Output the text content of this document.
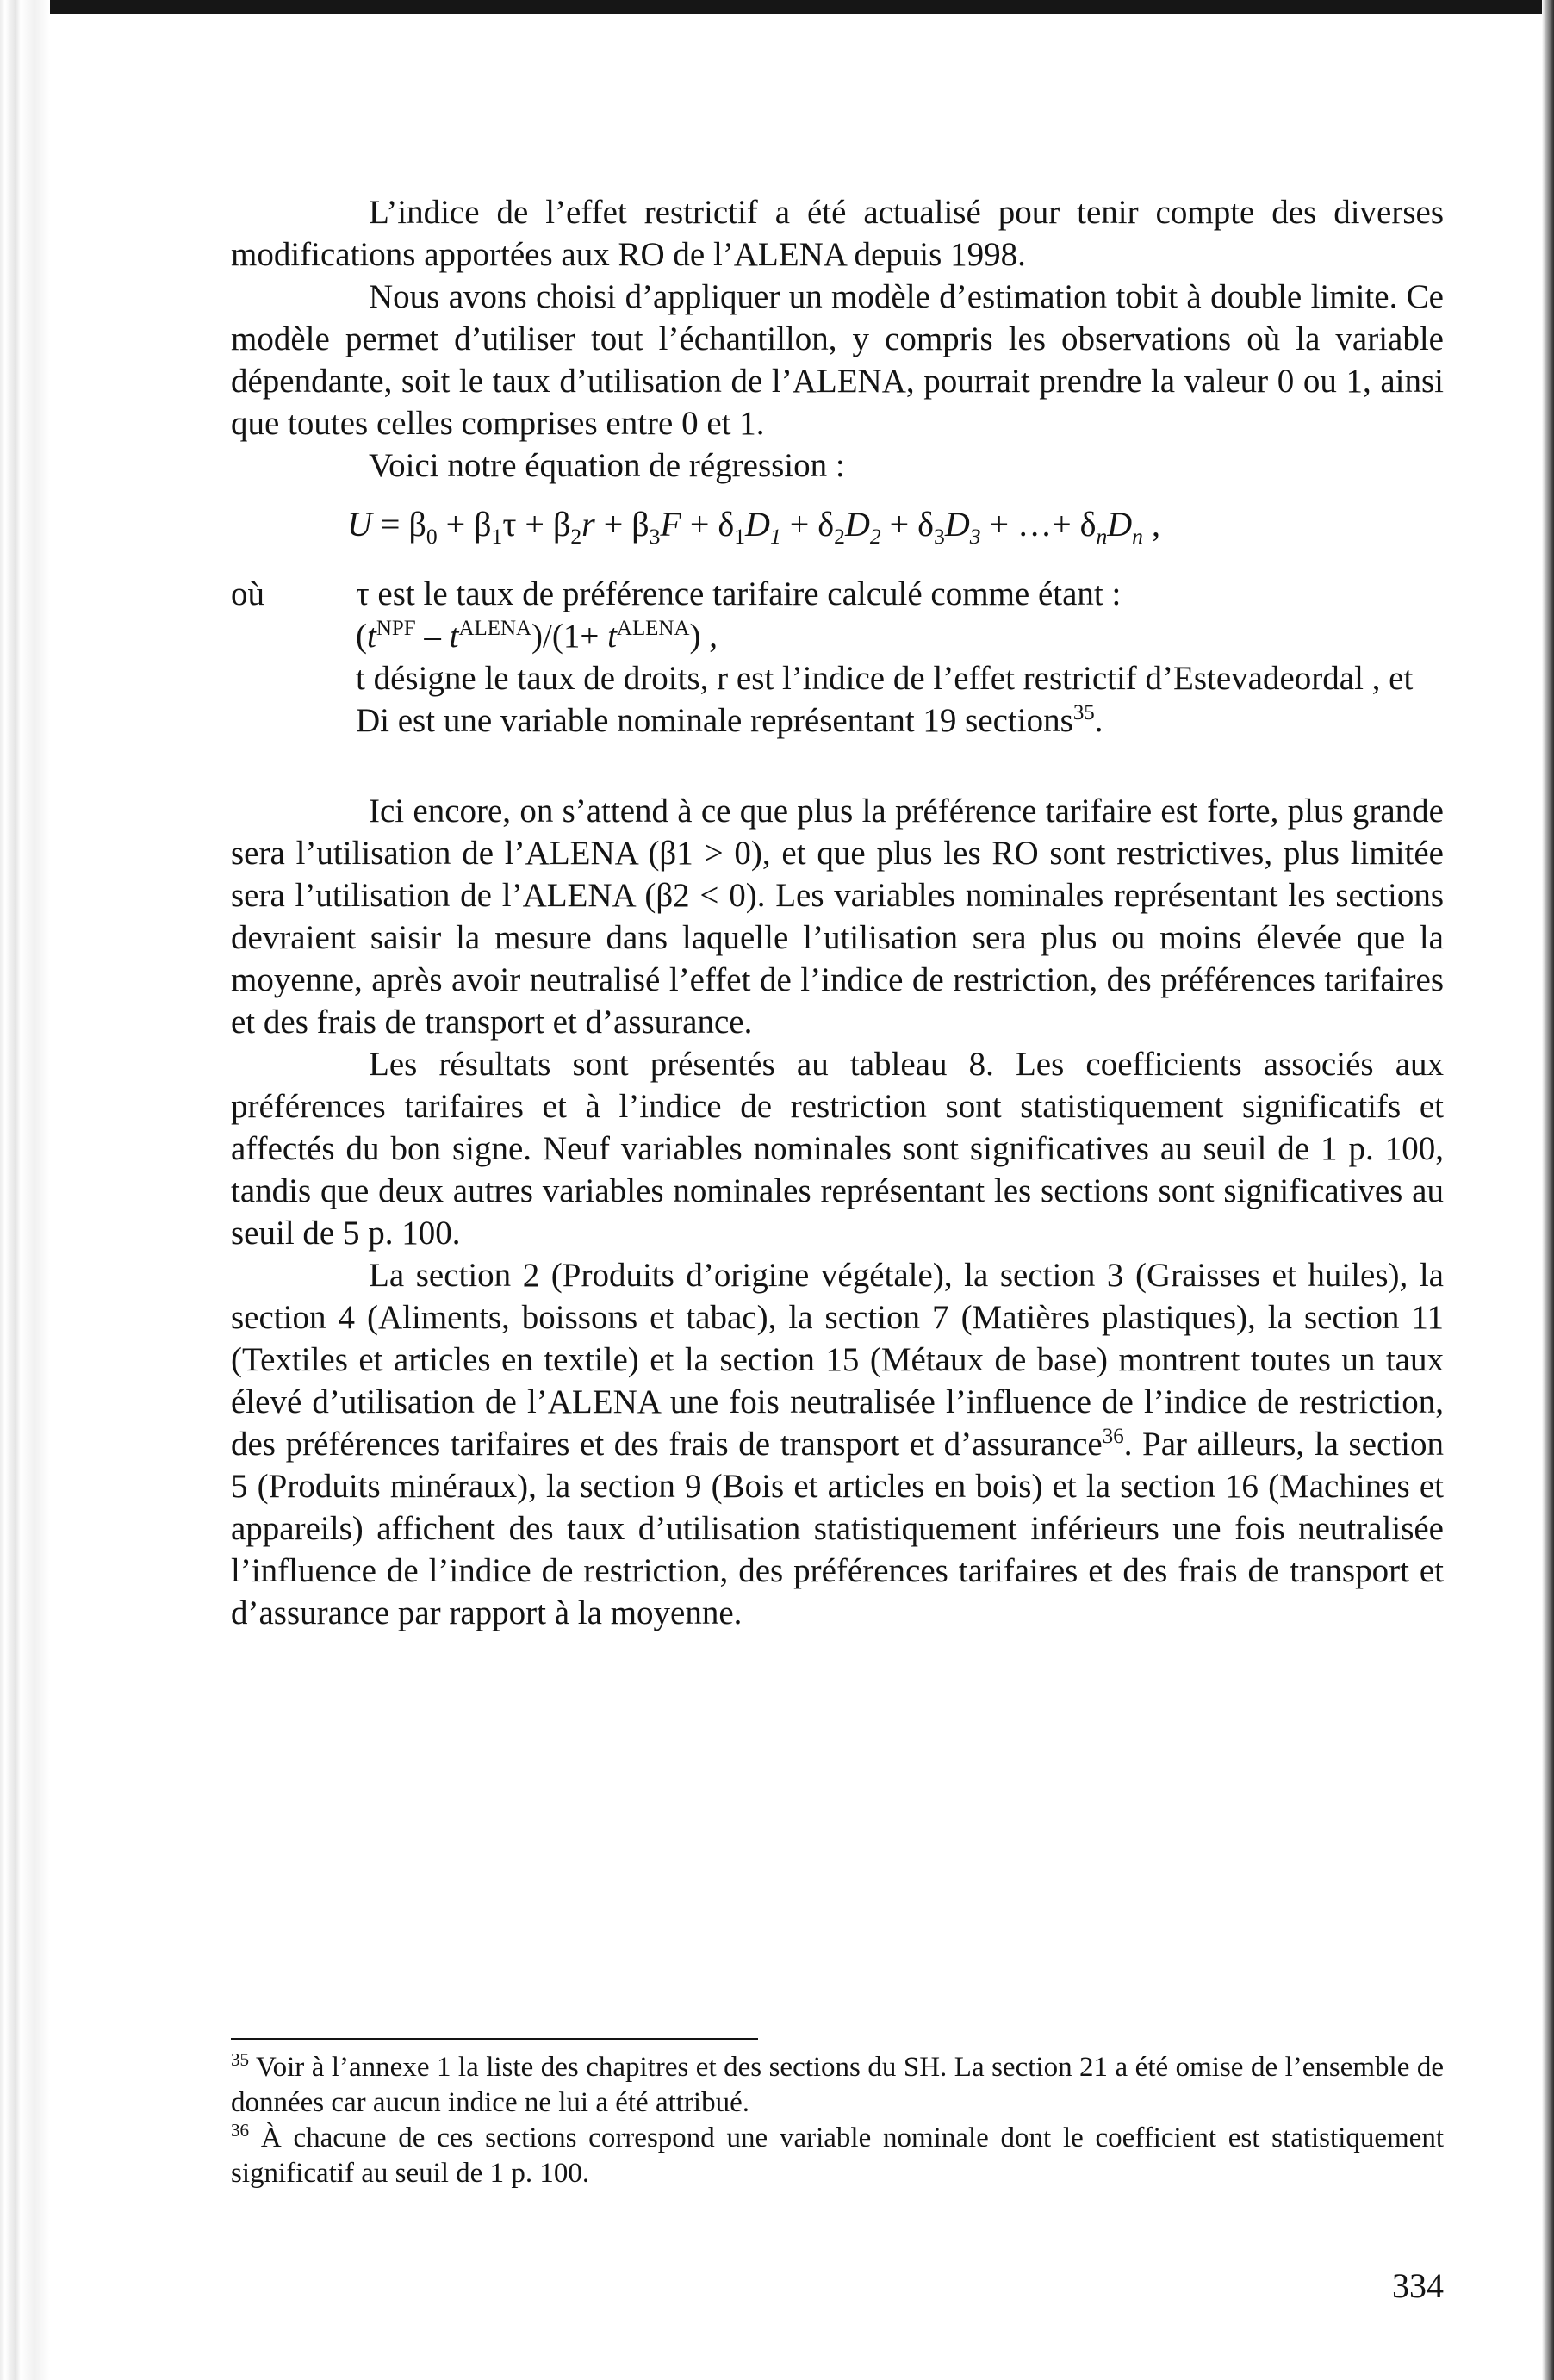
L’indice de l’effet restrictif a été actualisé pour tenir compte des diverses modifications apportées aux RO de l’ALENA depuis 1998.

Nous avons choisi d’appliquer un modèle d’estimation tobit à double limite. Ce modèle permet d’utiliser tout l’échantillon, y compris les observations où la variable dépendante, soit le taux d’utilisation de l’ALENA, pourrait prendre la valeur 0 ou 1, ainsi que toutes celles comprises entre 0 et 1.

Voici notre équation de régression :

$U = \beta_0 + \beta_1\tau + \beta_2r + \beta_3F + \delta_1D_1 + \delta_2D_2 + \delta_3D_3$ + …+ $\delta_nD_n$ ,
où	τ est le taux de préférence tarifaire calculé comme étant :

$(t^{NPF} - t^{ALENA})/(1+ t^{ALENA})$ ,

t désigne le taux de droits, r est l’indice de l’effet restrictif d’Estevadeordal , et

Di est une variable nominale représentant 19 sections$^{35}$.

Ici encore, on s’attend à ce que plus la préférence tarifaire est forte, plus grande sera l’utilisation de l’ALENA (β1 > 0), et que plus les RO sont restrictives, plus limitée sera l’utilisation de l’ALENA (β2 < 0). Les variables nominales représentant les sections devraient saisir la mesure dans laquelle l’utilisation sera plus ou moins élevée que la moyenne, après avoir neutralisé l’effet de l’indice de restriction, des préférences tarifaires et des frais de transport et d’assurance.

Les résultats sont présentés au tableau 8. Les coefficients associés aux préférences tarifaires et à l’indice de restriction sont statistiquement significatifs et affectés du bon signe. Neuf variables nominales sont significatives au seuil de 1 p. 100, tandis que deux autres variables nominales représentant les sections sont significatives au seuil de 5 p. 100.

La section 2 (Produits d’origine végétale), la section 3 (Graisses et huiles), la section 4 (Aliments, boissons et tabac), la section 7 (Matières plastiques), la section 11 (Textiles et articles en textile) et la section 15 (Métaux de base) montrent toutes un taux élevé d’utilisation de l’ALENA une fois neutralisée l’influence de l’indice de restriction, des préférences tarifaires et des frais de transport et d’assurance$^{36}$. Par ailleurs, la section 5 (Produits minéraux), la section 9 (Bois et articles en bois) et la section 16 (Machines et appareils) affichent des taux d’utilisation statistiquement inférieurs une fois neutralisée l’influence de l’indice de restriction, des préférences tarifaires et des frais de transport et d’assurance par rapport à la moyenne.

$^{35}$ Voir à l’annexe 1 la liste des chapitres et des sections du SH. La section 21 a été omise de l’ensemble de données car aucun indice ne lui a été attribué.

$^{36}$ À chacune de ces sections correspond une variable nominale dont le coefficient est statistiquement significatif au seuil de 1 p. 100.

334
